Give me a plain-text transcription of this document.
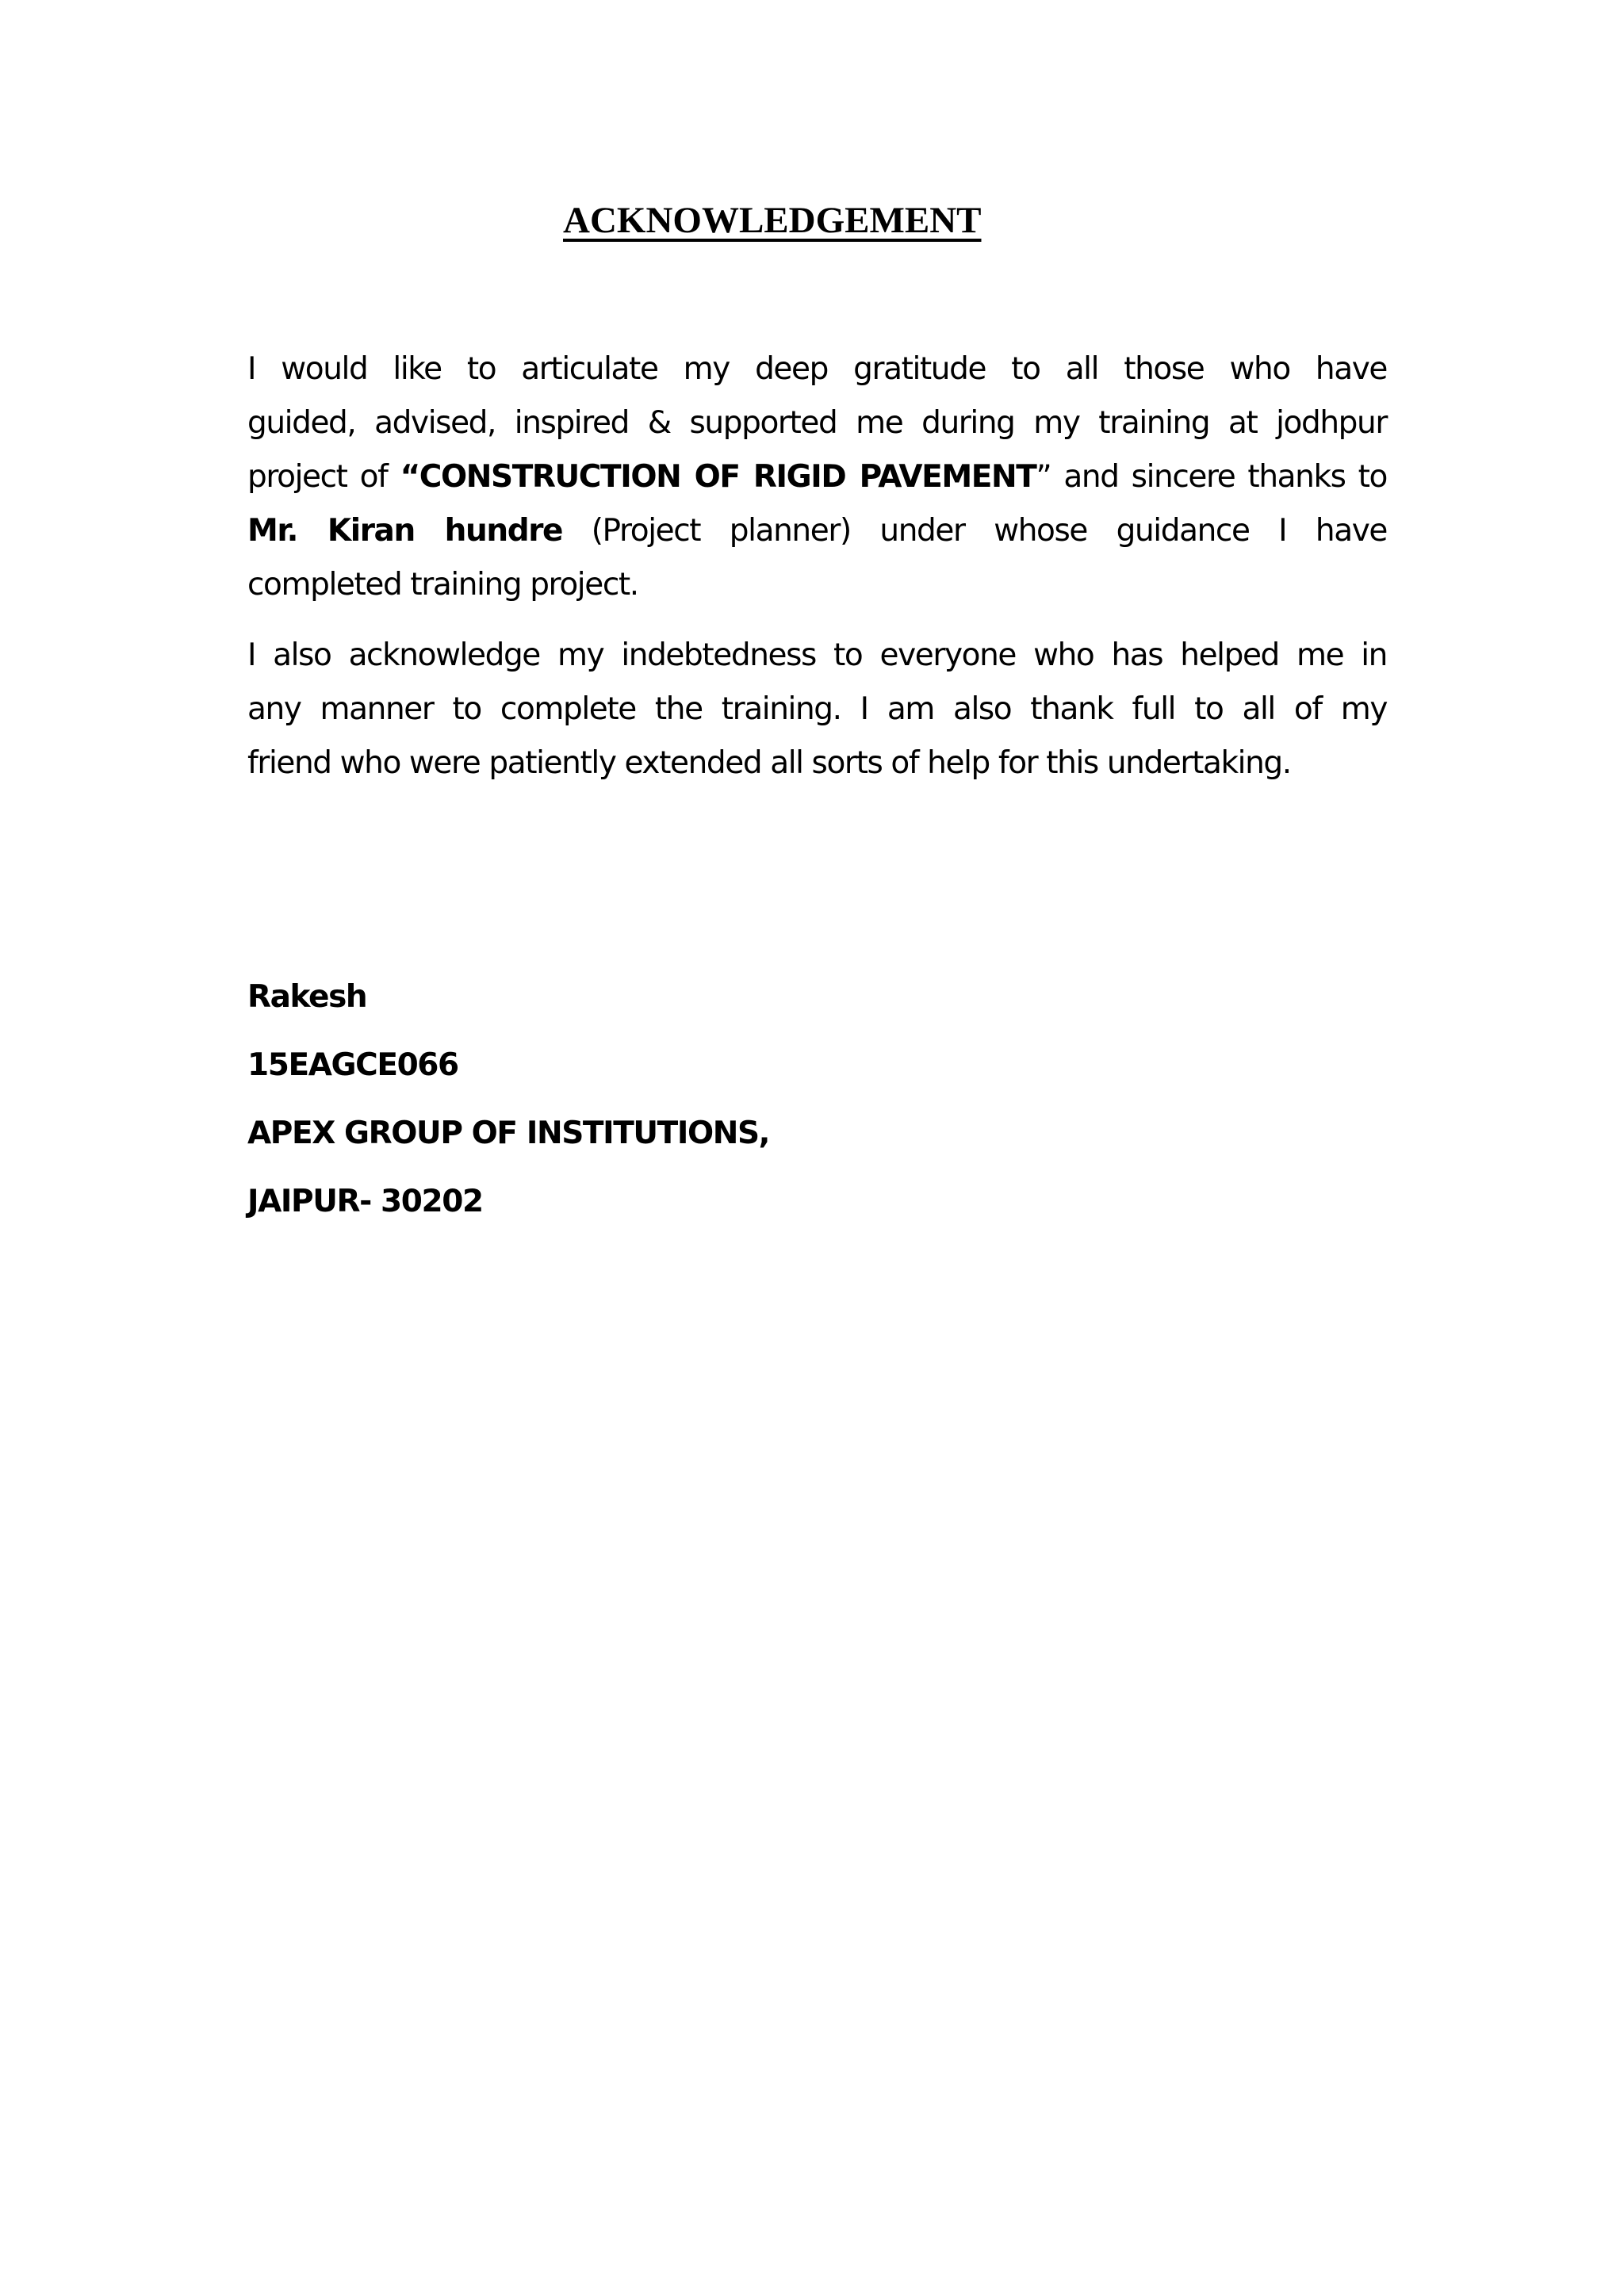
ACKNOWLEDGEMENT
I would like to articulate my deep gratitude to all those who have
guided, advised, inspired & supported me during my training at jodhpur
project of “CONSTRUCTION OF RIGID PAVEMENT” and sincere thanks to
Mr. Kiran hundre (Project planner) under whose guidance I have
completed training project.
I also acknowledge my indebtedness to everyone who has helped me in
any manner to complete the training. I am also thank full to all of my
friend who were patiently extended all sorts of help for this undertaking.
Rakesh
15EAGCE066
APEX GROUP OF INSTITUTIONS,
JAIPUR- 30202
